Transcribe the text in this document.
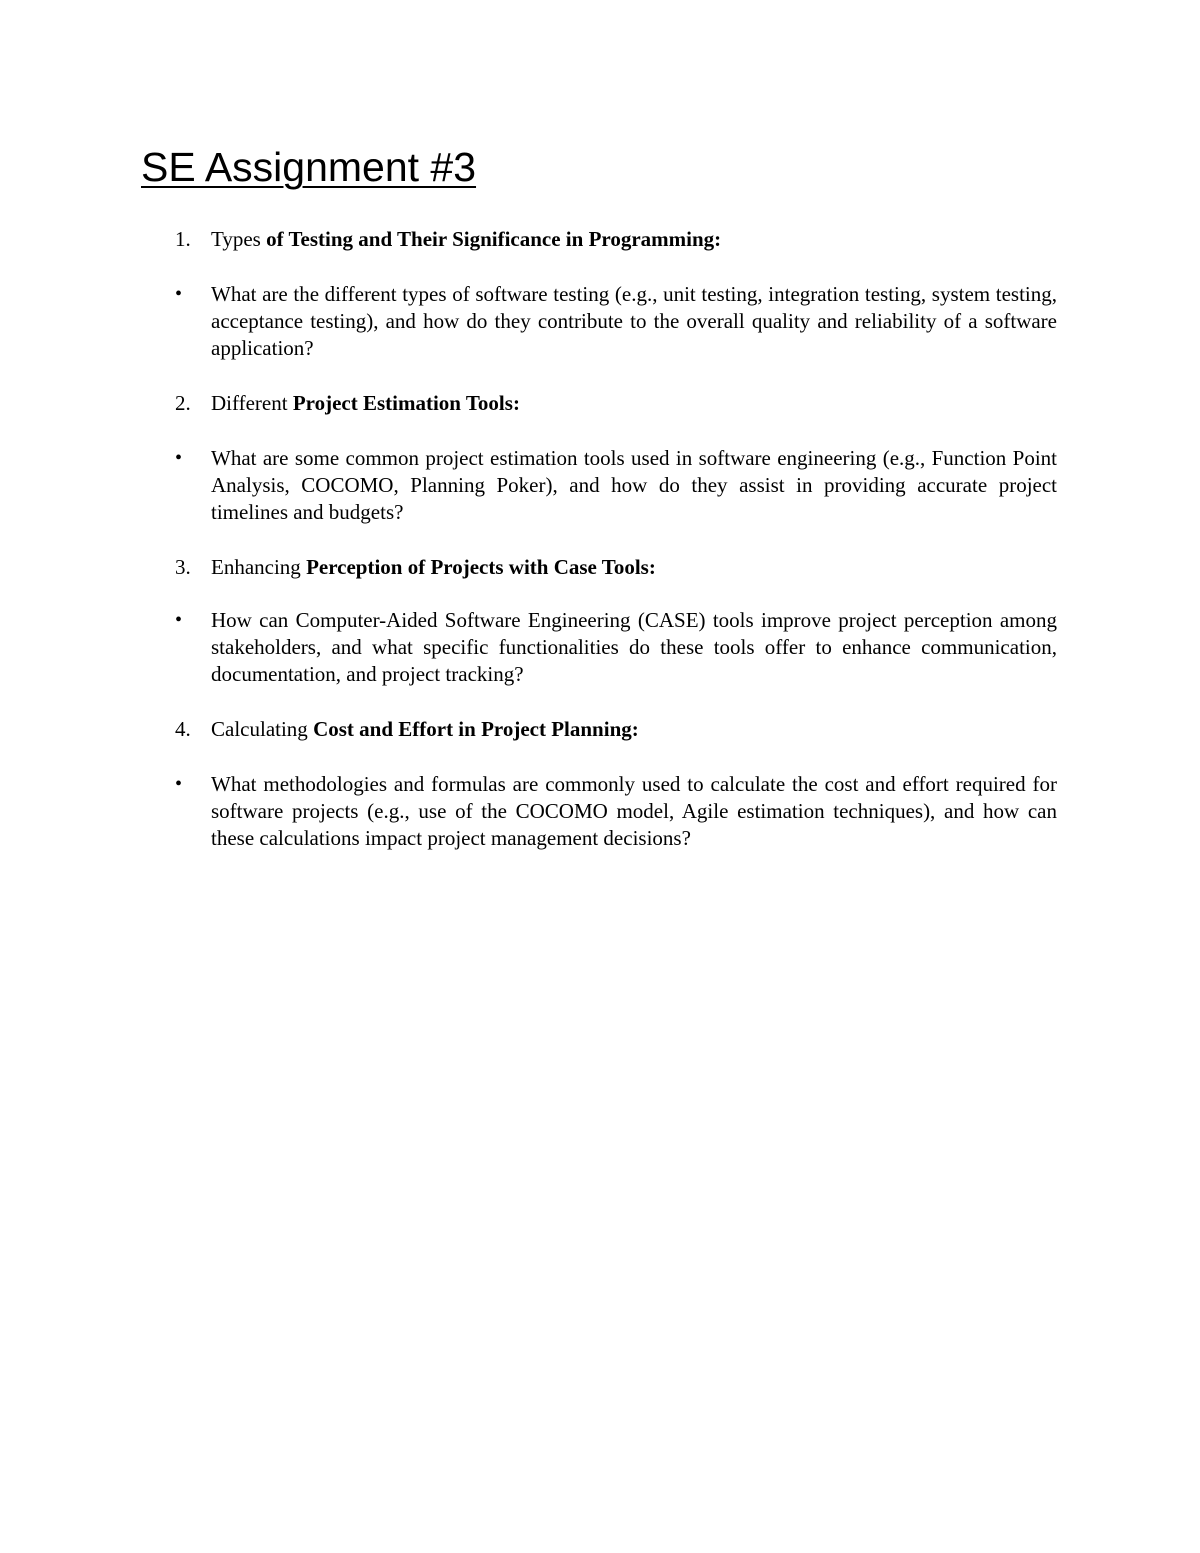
SE Assignment #3
1. Types of Testing and Their Significance in Programming:

• What are the different types of software testing (e.g., unit testing, integration testing, system testing, acceptance testing), and how do they contribute to the overall quality and reliability of a software application?

2. Different Project Estimation Tools:

• What are some common project estimation tools used in software engineering (e.g., Function Point Analysis, COCOMO, Planning Poker), and how do they assist in providing accurate project timelines and budgets?

3. Enhancing Perception of Projects with Case Tools:

• How can Computer-Aided Software Engineering (CASE) tools improve project perception among stakeholders, and what specific functionalities do these tools offer to enhance communication, documentation, and project tracking?

4. Calculating Cost and Effort in Project Planning:

• What methodologies and formulas are commonly used to calculate the cost and effort required for software projects (e.g., use of the COCOMO model, Agile estimation techniques), and how can these calculations impact project management decisions?
